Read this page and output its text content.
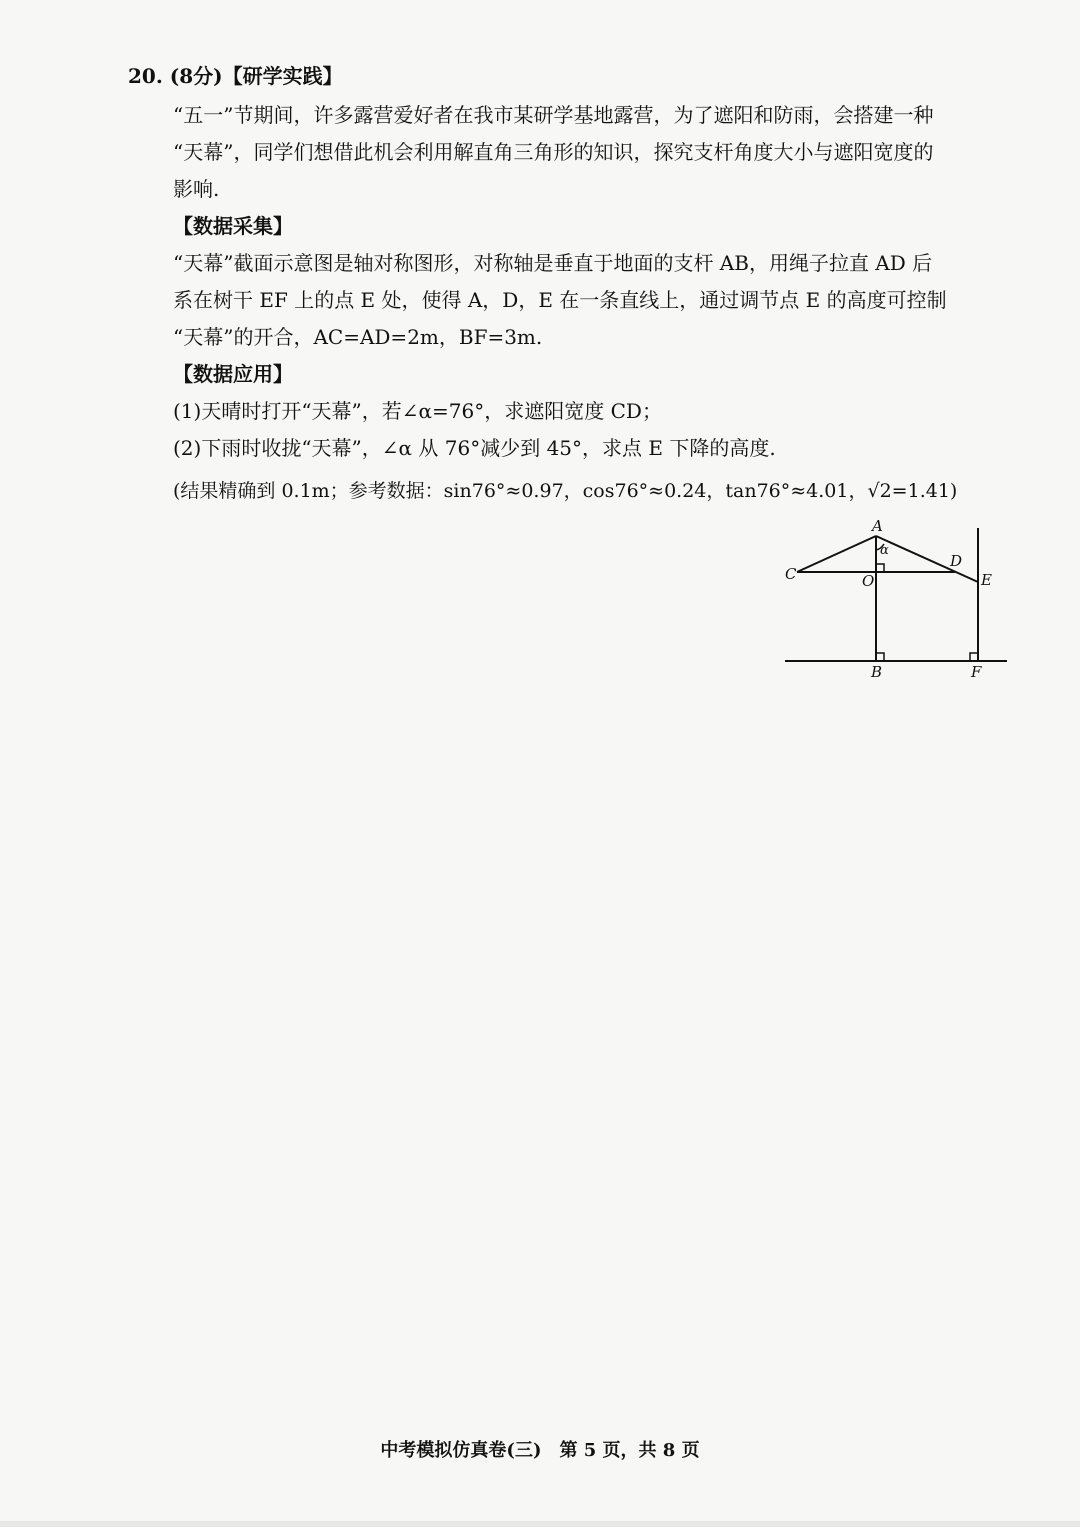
20. (8分)【研学实践】
“五一”节期间，许多露营爱好者在我市某研学基地露营，为了遮阳和防雨，会搭建一种
“天幕”，同学们想借此机会利用解直角三角形的知识，探究支杆角度大小与遮阳宽度的
影响.
【数据采集】
“天幕”截面示意图是轴对称图形，对称轴是垂直于地面的支杆 AB，用绳子拉直 AD 后
系在树干 EF 上的点 E 处，使得 A，D，E 在一条直线上，通过调节点 E 的高度可控制
“天幕”的开合，AC=AD=2m，BF=3m.
【数据应用】
(1)天晴时打开“天幕”，若∠α=76°，求遮阳宽度 CD；
(2)下雨时收拢“天幕”，∠α 从 76°减少到 45°，求点 E 下降的高度.
(结果精确到 0.1m；参考数据：sin76°≈0.97，cos76°≈0.24，tan76°≈4.01，√2=1.41)
A
α
C	O
D
E
B	F
中考模拟仿真卷(三)　第 5 页，共 8 页
